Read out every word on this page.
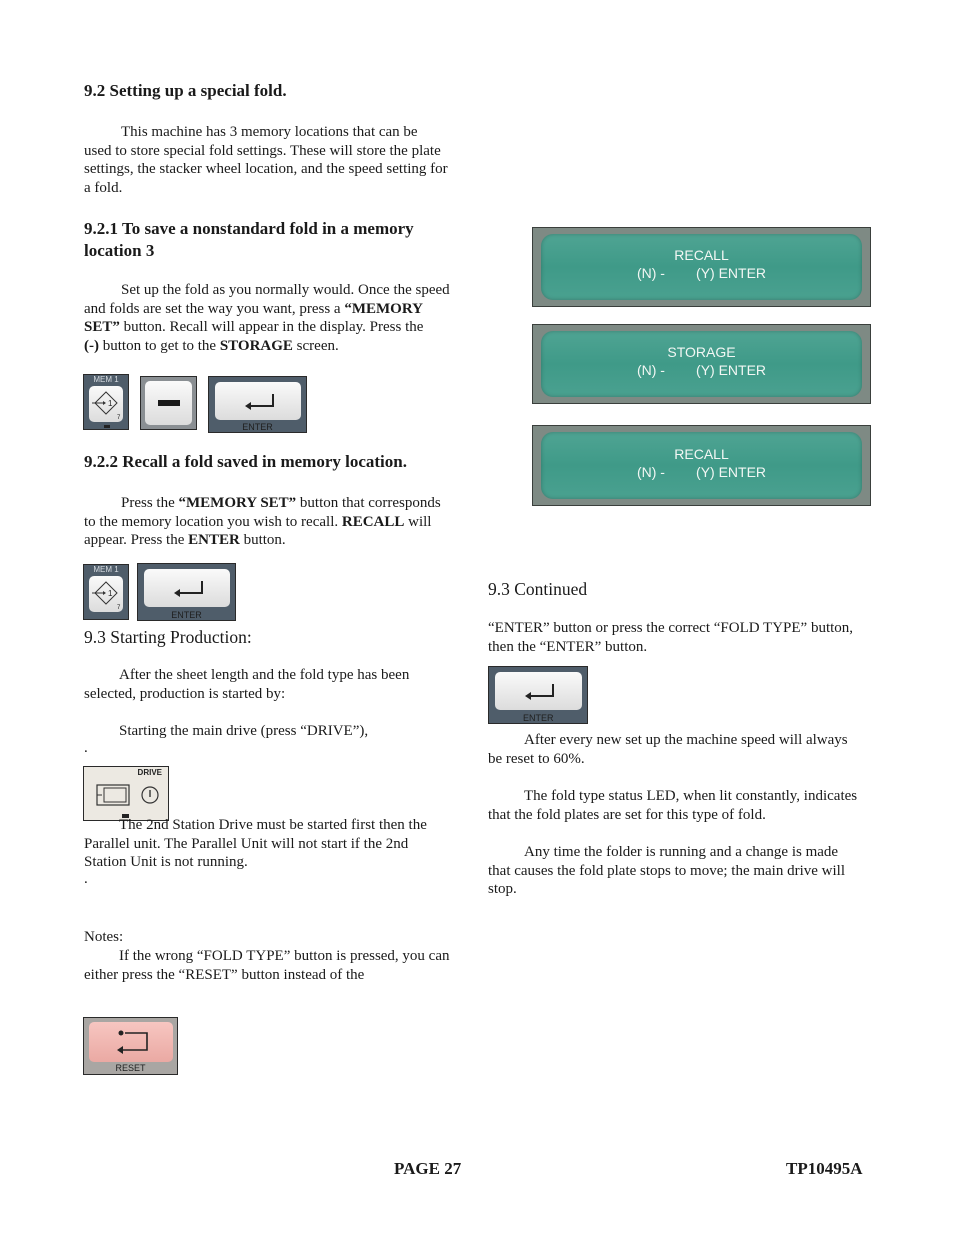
9.2 Setting up a special fold.
This machine has 3 memory locations that can be
used to store special fold settings. These will store the plate
settings, the stacker wheel location, and the speed setting for
a fold.
9.2.1 To save a nonstandard fold in a memory
location 3
Set up the fold as you normally would. Once the speed
and folds are set the way you want, press a “MEMORY
SET” button. Recall will appear in the display. Press the
(-) button to get to the STORAGE screen.
MEM 1
1
7
ENTER
9.2.2 Recall a fold saved in memory location.
Press the “MEMORY SET” button that corresponds
to the memory location you wish to recall. RECALL will
appear. Press the ENTER button.
MEM 1
1
7
ENTER
9.3 Starting Production:
After the sheet length and the fold type has been
selected, production is started by:
Starting the main drive (press “DRIVE”),
.
DRIVE
The 2nd Station Drive must be started first then the
Parallel unit. The Parallel Unit will not start if the 2nd
Station Unit is not running.
.
Notes:
If the wrong “FOLD TYPE” button is pressed, you can
either press the “RESET” button instead of the
RESET
RECALL
(N) -        (Y) ENTER
STORAGE
(N) -        (Y) ENTER
RECALL
(N) -        (Y) ENTER
9.3 Continued
“ENTER” button or press the correct “FOLD TYPE” button,
then the “ENTER” button.
ENTER
After every new set up the machine speed will always
be reset to 60%.
The fold type status LED, when lit constantly, indicates
that the fold plates are set for this type of fold.
Any time the folder is running and a change is made
that causes the fold plate stops to move; the main drive will
stop.
PAGE 27	TP10495A
